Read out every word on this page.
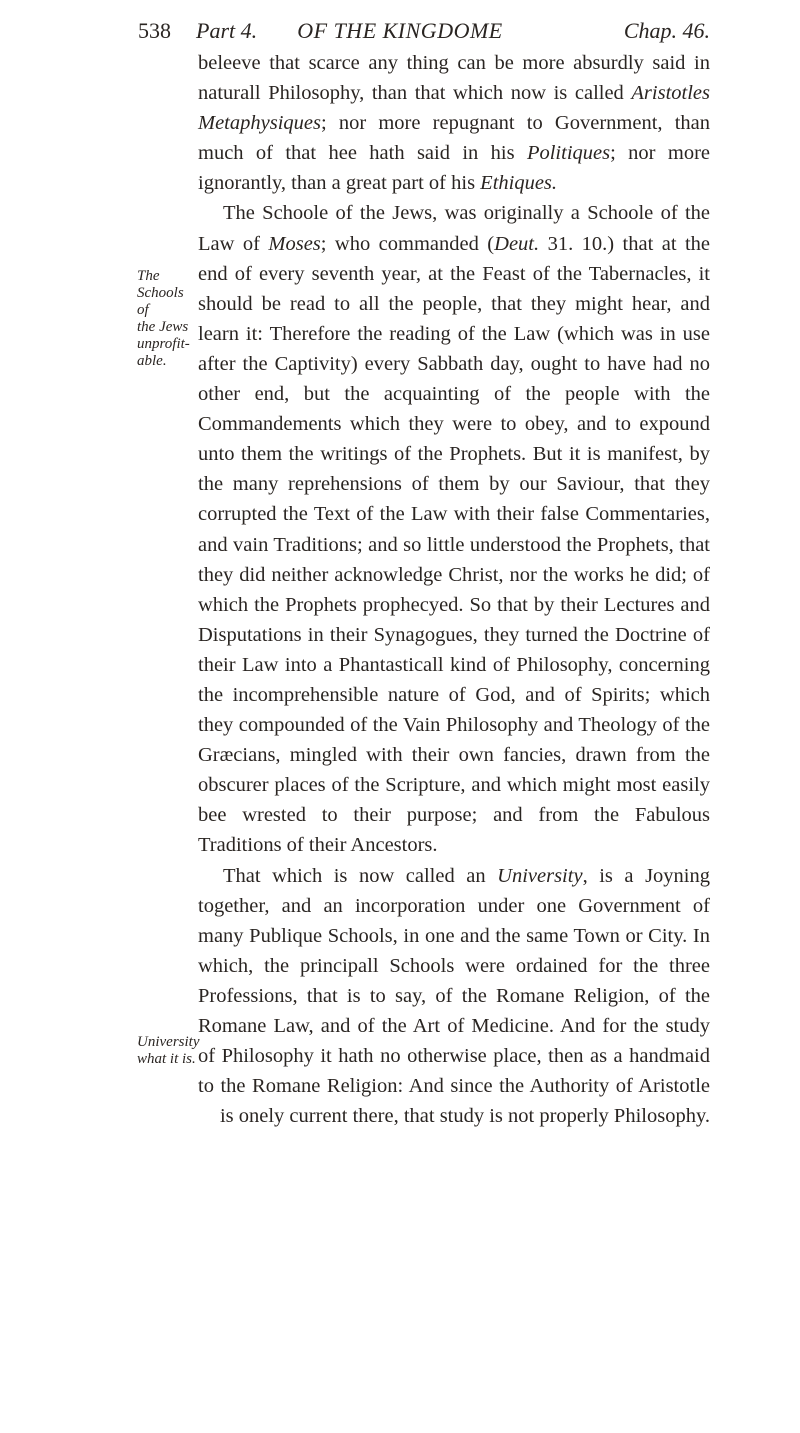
538 Part 4.	OF THE KINGDOME	Chap. 46.
The
Schools of
the Jews
unprofit-
able.
University
what it is.

beleeve that scarce any thing can be more absurdly said in naturall Philosophy, than that which now is called Aristotles Metaphysiques; nor more repugnant to Government, than much of that hee hath said in his Politiques; nor more ignorantly, than a great part of his Ethiques.

The Schoole of the Jews, was originally a Schoole of the Law of Moses; who commanded (Deut. 31. 10.) that at the end of every seventh year, at the Feast of the Tabernacles, it should be read to all the people, that they might hear, and learn it: Therefore the reading of the Law (which was in use after the Captivity) every Sabbath day, ought to have had no other end, but the acquainting of the people with the Commandements which they were to obey, and to expound unto them the writings of the Prophets. But it is manifest, by the many reprehensions of them by our Saviour, that they corrupted the Text of the Law with their false Commentaries, and vain Traditions; and so little understood the Prophets, that they did neither acknowledge Christ, nor the works he did; of which the Prophets prophecyed. So that by their Lectures and Disputations in their Synagogues, they turned the Doctrine of their Law into a Phantasticall kind of Philosophy, concerning the incomprehensible nature of God, and of Spirits; which they compounded of the Vain Philosophy and Theology of the Græcians, mingled with their own fancies, drawn from the obscurer places of the Scripture, and which might most easily bee wrested to their purpose; and from the Fabulous Traditions of their Ancestors.

That which is now called an University, is a Joyning together, and an incorporation under one Government of many Publique Schools, in one and the same Town or City. In which, the principall Schools were ordained for the three Professions, that is to say, of the Romane Religion, of the Romane Law, and of the Art of Medicine. And for the study of Philosophy it hath no otherwise place, then as a handmaid to the Romane Religion: And since the Authority of Aristotle is onely current there, that study is not properly Philosophy.
